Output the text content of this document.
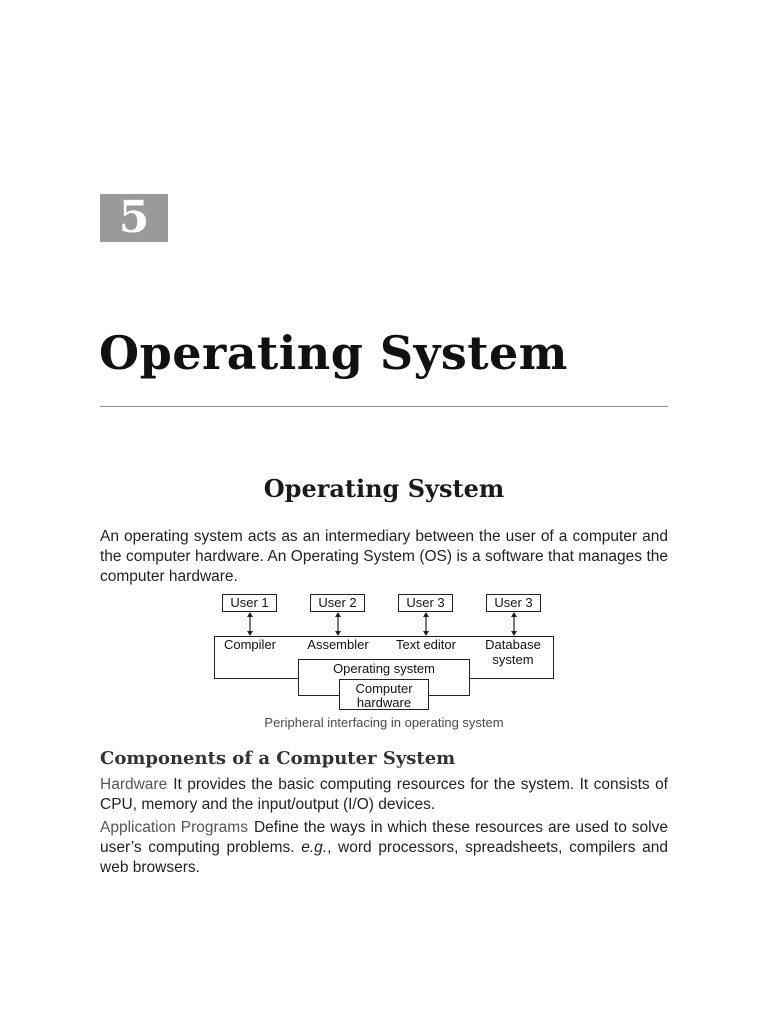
5
Operating System
Operating System

An operating system acts as an intermediary between the user of a computer and the computer hardware. An Operating System (OS) is a software that manages the computer hardware.

User 1	User 2	User 3	User 3
Compiler	Assembler	Text editor	Database
system
Operating system
Computer
hardware

Peripheral interfacing in operating system

Components of a Computer System

Hardware It provides the basic computing resources for the system. It consists of CPU, memory and the input/output (I/O) devices.

Application Programs Define the ways in which these resources are used to solve user’s computing problems. e.g., word processors, spreadsheets, compilers and web browsers.
